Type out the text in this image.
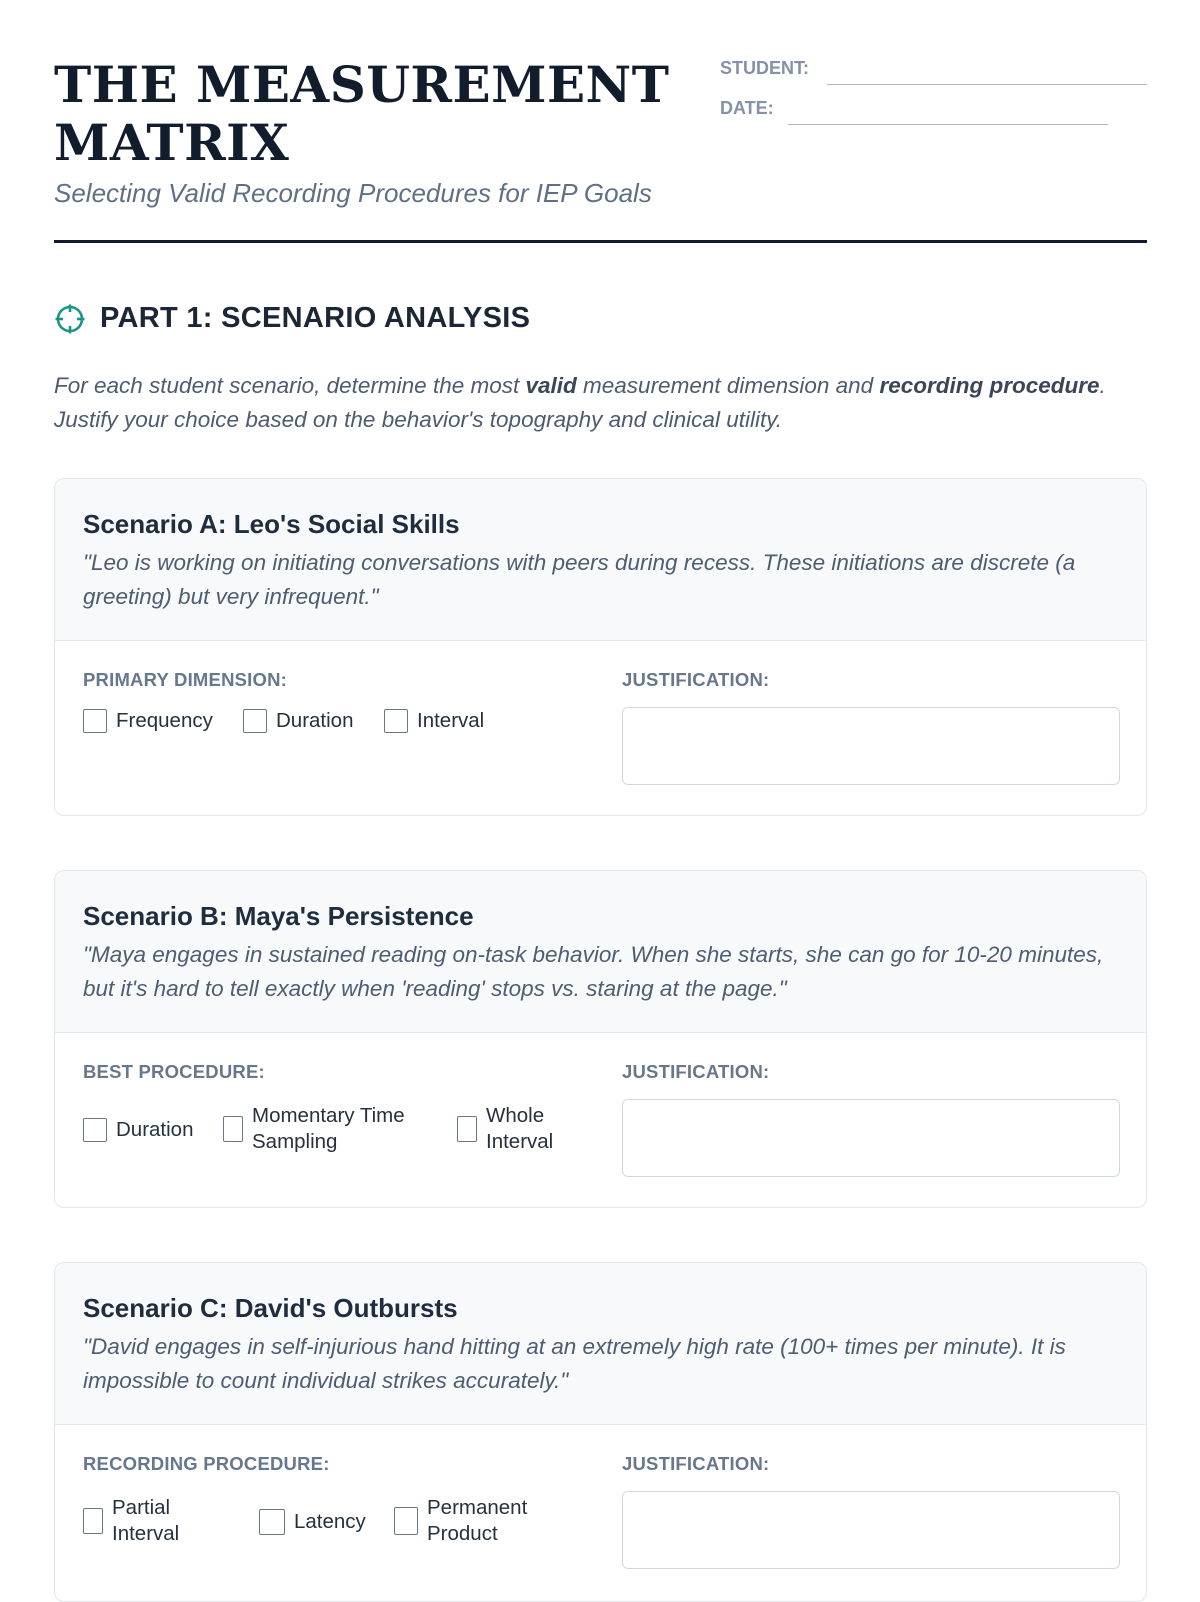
THE MEASUREMENT MATRIX

Selecting Valid Recording Procedures for IEP Goals

STUDENT:
DATE:
PART 1: SCENARIO ANALYSIS

For each student scenario, determine the most valid measurement dimension and recording procedure. Justify your choice based on the behavior's topography and clinical utility.

Scenario A: Leo's Social Skills

"Leo is working on initiating conversations with peers during recess. These initiations are discrete (a greeting) but very infrequent."

PRIMARY DIMENSION:	JUSTIFICATION:
Frequency	Duration	Interval
Scenario B: Maya's Persistence

"Maya engages in sustained reading on-task behavior. When she starts, she can go for 10-20 minutes, but it's hard to tell exactly when 'reading' stops vs. staring at the page."

BEST PROCEDURE:	JUSTIFICATION:
Duration
Momentary Time Sampling
Whole Interval
Scenario C: David's Outbursts

"David engages in self-injurious hand hitting at an extremely high rate (100+ times per minute). It is impossible to count individual strikes accurately."

RECORDING PROCEDURE:	JUSTIFICATION:
Partial Interval
Latency
Permanent Product
